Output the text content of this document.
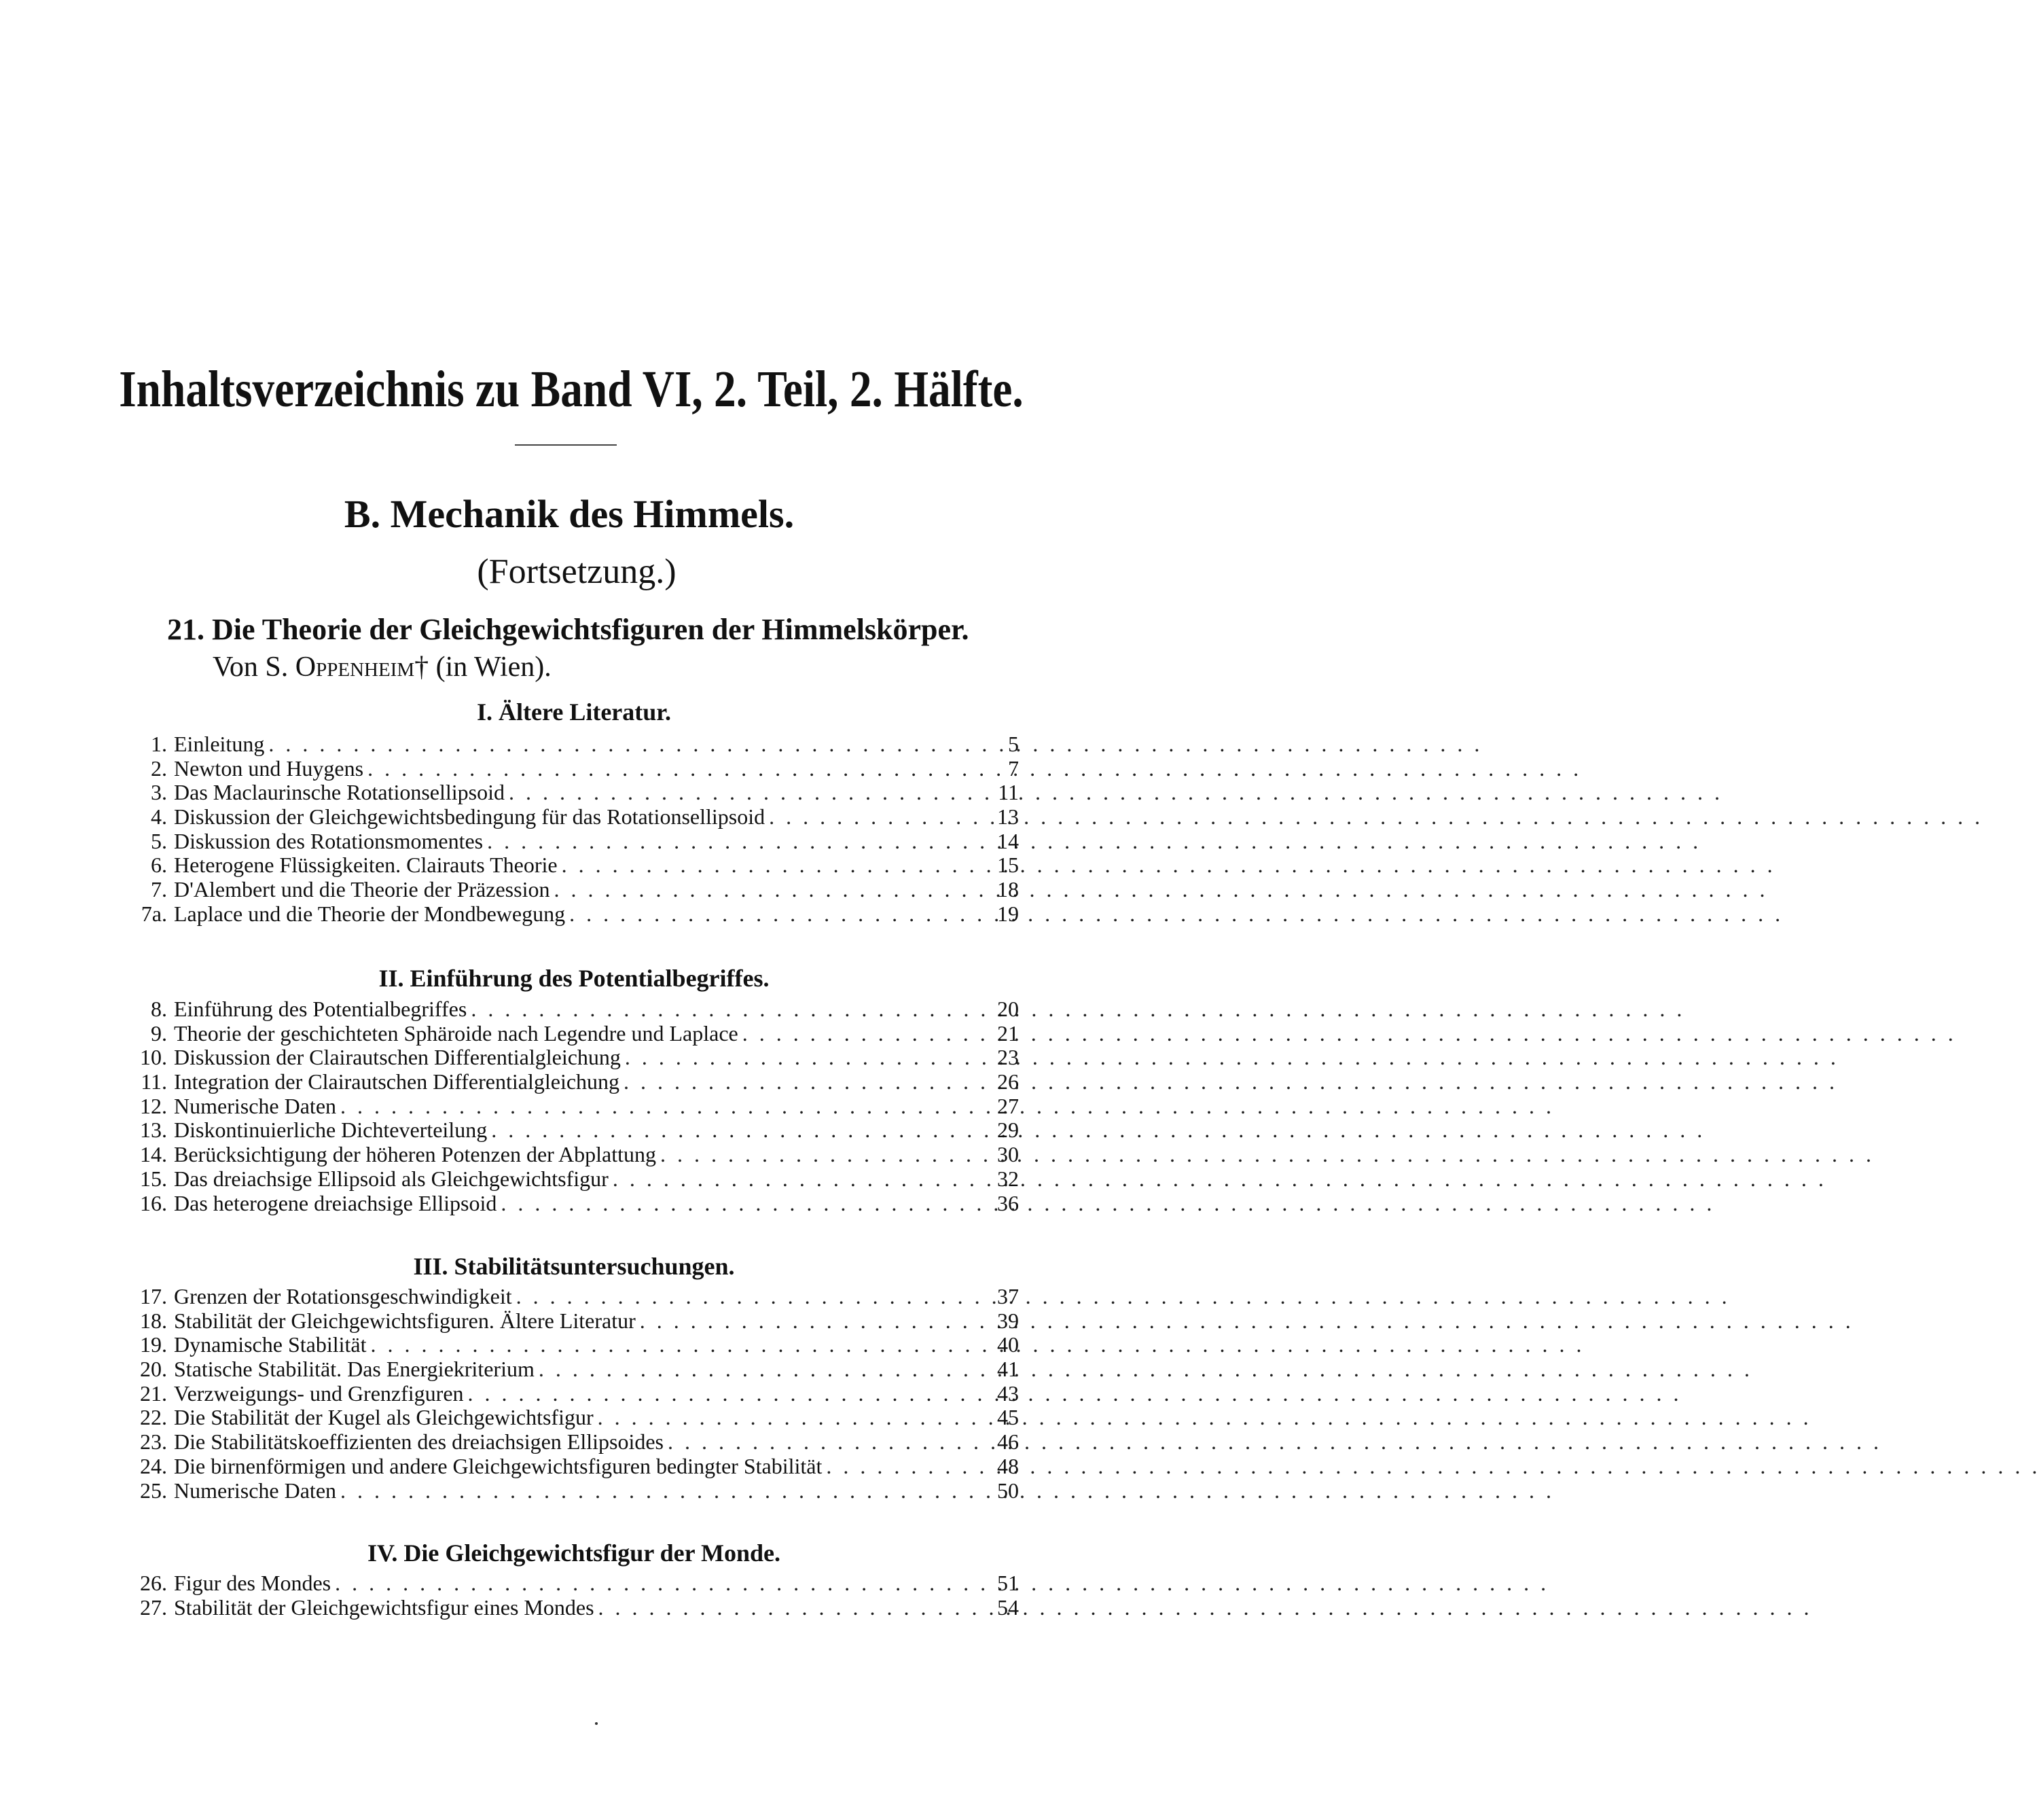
Inhaltsverzeichnis zu Band VI, 2. Teil, 2. Hälfte.
B. Mechanik des Himmels.
(Fortsetzung.)
21. Die Theorie der Gleichgewichtsfiguren der Himmelskörper.
Von S. Oppenheim† (in Wien).
I. Ältere Literatur.
1. Einleitung . . .	5
2. Newton und Huygens . . .	7
3. Das Maclaurinsche Rotationsellipsoid . . .	11
4. Diskussion der Gleichgewichtsbedingung für das Rotationsellipsoid . . .	13
5. Diskussion des Rotationsmomentes . . .	14
6. Heterogene Flüssigkeiten. Clairauts Theorie . . .	15
7. D'Alembert und die Theorie der Präzession . . .	18
7a. Laplace und die Theorie der Mondbewegung . . .	19
II. Einführung des Potentialbegriffes.
8. Einführung des Potentialbegriffes . . .	20
9. Theorie der geschichteten Sphäroide nach Legendre und Laplace . . .	21
10. Diskussion der Clairautschen Differentialgleichung . . .	23
11. Integration der Clairautschen Differentialgleichung . . .	26
12. Numerische Daten . . .	27
13. Diskontinuierliche Dichteverteilung . . .	29
14. Berücksichtigung der höheren Potenzen der Abplattung . . .	30
15. Das dreiachsige Ellipsoid als Gleichgewichtsfigur . . .	32
16. Das heterogene dreiachsige Ellipsoid . . .	36
III. Stabilitätsuntersuchungen.
17. Grenzen der Rotationsgeschwindigkeit . . .	37
18. Stabilität der Gleichgewichtsfiguren. Ältere Literatur . . .	39
19. Dynamische Stabilität . . .	40
20. Statische Stabilität. Das Energiekriterium . . .	41
21. Verzweigungs- und Grenzfiguren . . .	43
22. Die Stabilität der Kugel als Gleichgewichtsfigur . . .	45
23. Die Stabilitätskoeffizienten des dreiachsigen Ellipsoides . . .	46
24. Die birnenförmigen und andere Gleichgewichtsfiguren bedingter Stabilität . . .	48
25. Numerische Daten . . .	50
IV. Die Gleichgewichtsfigur der Monde.
26. Figur des Mondes . . .	51
27. Stabilität der Gleichgewichtsfigur eines Mondes . . .	54
